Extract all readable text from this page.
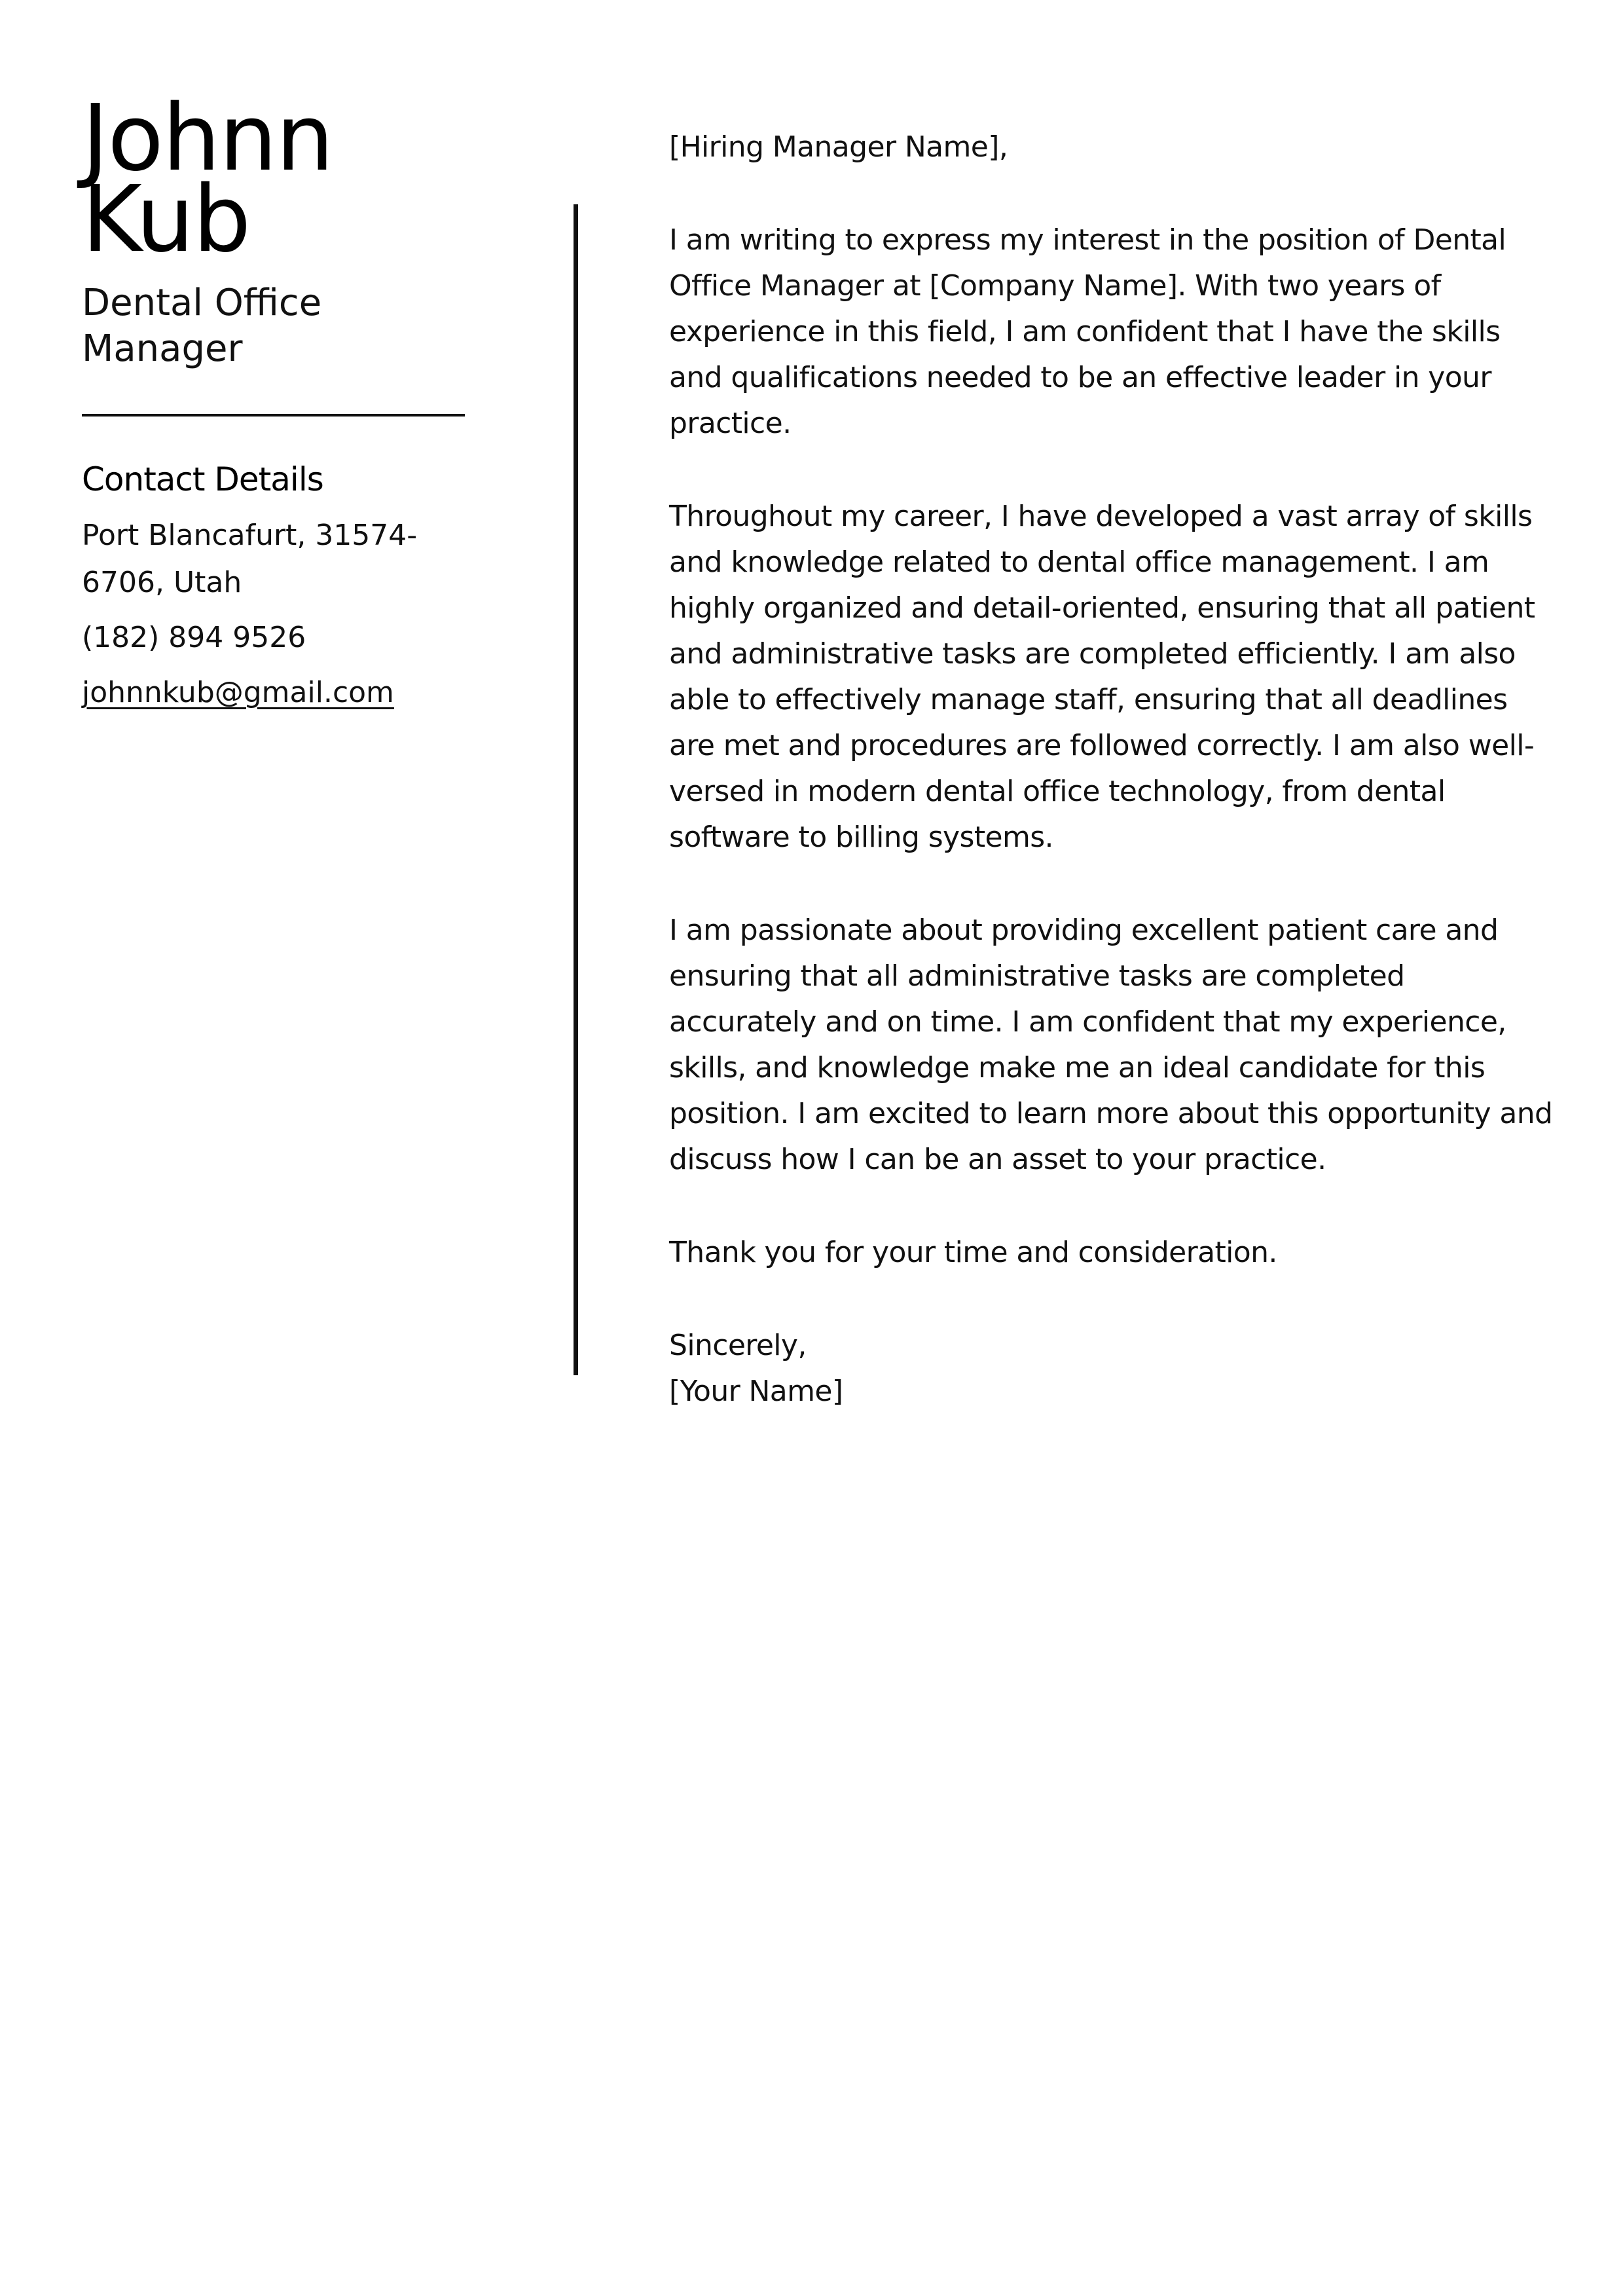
Johnn
Kub
Dental Office Manager
Contact Details
Port Blancafurt, 31574-6706, Utah
(182) 894 9526
johnnkub@gmail.com

[Hiring Manager Name],

I am writing to express my interest in the position of Dental Office Manager at [Company Name]. With two years of experience in this field, I am confident that I have the skills and qualifications needed to be an effective leader in your practice.

Throughout my career, I have developed a vast array of skills and knowledge related to dental office management. I am highly organized and detail-oriented, ensuring that all patient and administrative tasks are completed efficiently. I am also able to effectively manage staff, ensuring that all deadlines are met and procedures are followed correctly. I am also well-versed in modern dental office technology, from dental software to billing systems.

I am passionate about providing excellent patient care and ensuring that all administrative tasks are completed accurately and on time. I am confident that my experience, skills, and knowledge make me an ideal candidate for this position. I am excited to learn more about this opportunity and discuss how I can be an asset to your practice.

Thank you for your time and consideration.

Sincerely,
[Your Name]
